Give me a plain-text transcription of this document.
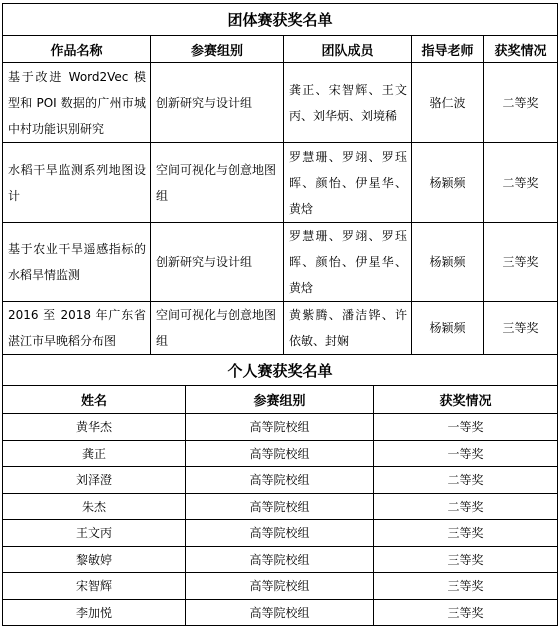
团体赛获奖名单				
作品名称	参赛组别	团队成员	指导老师	获奖情况
基于改进 Word2Vec 模型和 POI 数据的广州市城中村功能识别研究	创新研究与设计组	龚正、宋智辉、王文丙、刘华炳、刘境稀	骆仁波	二等奖
水稻干旱监测系列地图设计	空间可视化与创意地图组	罗慧珊、罗翊、罗珏晖、颜怡、伊星华、黄焓	杨颖频	二等奖
基于农业干旱遥感指标的水稻旱情监测	创新研究与设计组	罗慧珊、罗翊、罗珏晖、颜怡、伊星华、黄焓	杨颖频	三等奖
2016 至 2018 年广东省湛江市早晚稻分布图	空间可视化与创意地图组	黄紫腾、潘洁铧、许依敏、封娴	杨颖频	三等奖
个人赛获奖名单		
姓名	参赛组别	获奖情况
黄华杰	高等院校组	一等奖
龚正	高等院校组	一等奖
刘泽澄	高等院校组	二等奖
朱杰	高等院校组	二等奖
王文丙	高等院校组	三等奖
黎敏婷	高等院校组	三等奖
宋智辉	高等院校组	三等奖
李加悦	高等院校组	三等奖
